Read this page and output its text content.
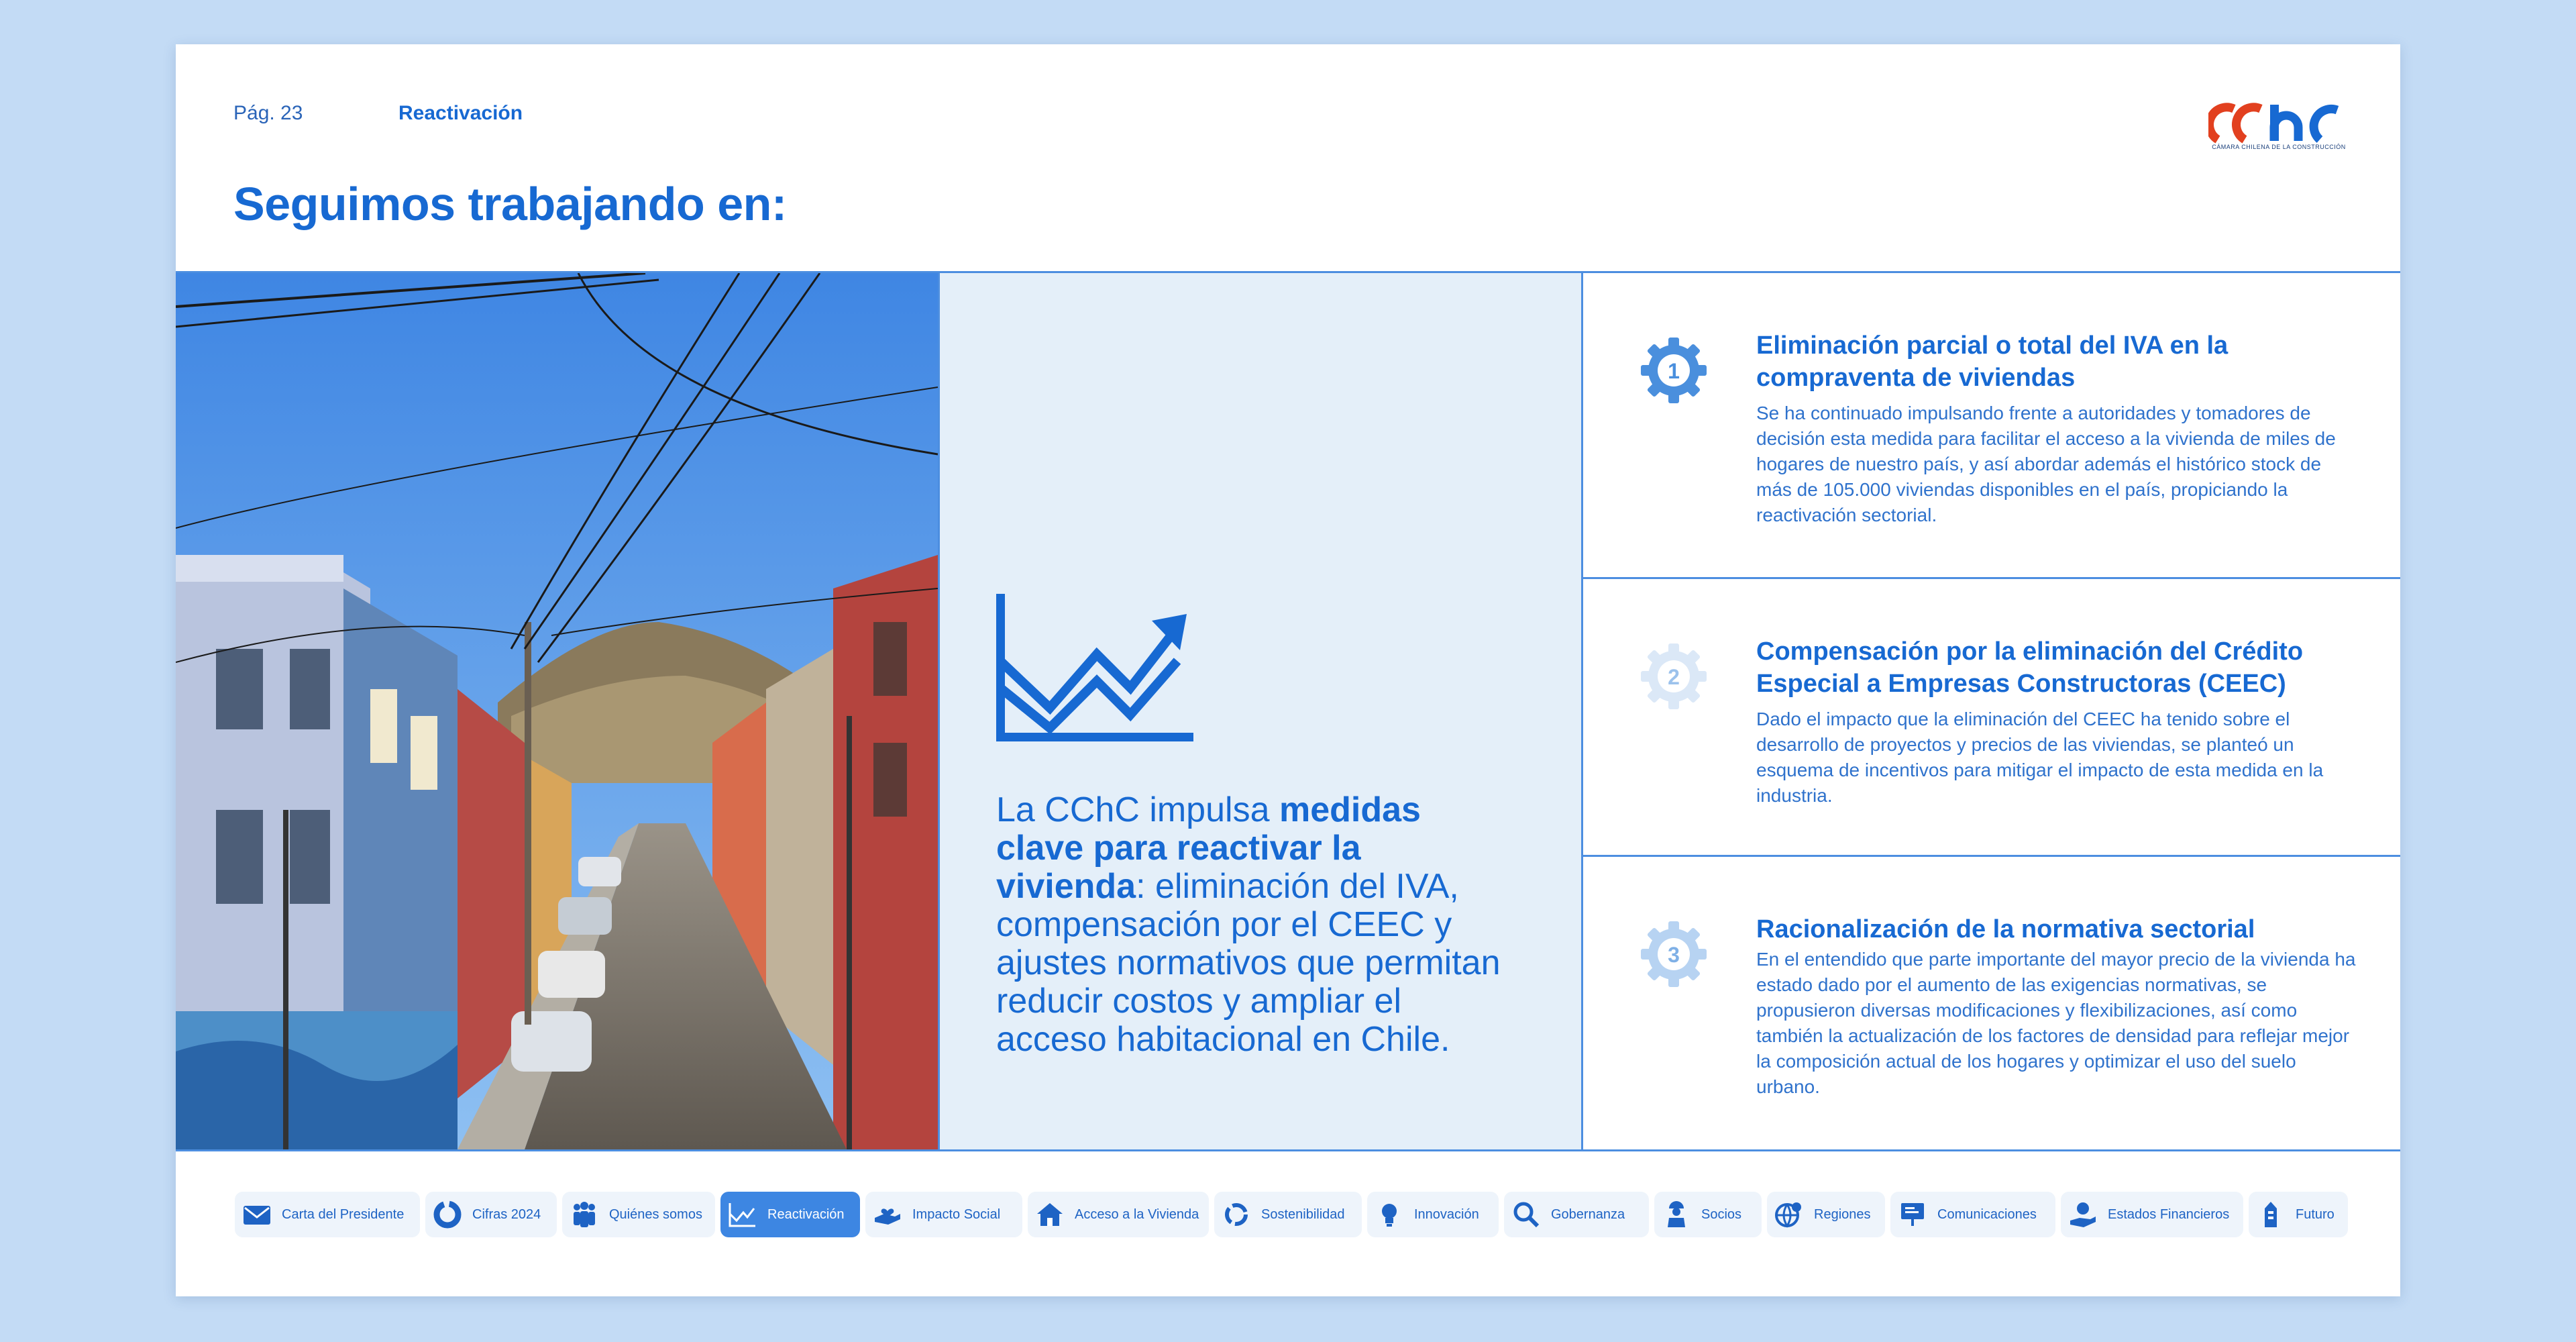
Pág. 23	Reactivación
Seguimos trabajando en:
CÁMARA CHILENA DE LA CONSTRUCCIÓN
La CChC impulsa medidas clave para reactivar la vivienda: eliminación del IVA, compensación por el CEEC y ajustes normativos que permitan reducir costos y ampliar el acceso habitacional en Chile.
1
Eliminación parcial o total del IVA en la compraventa de viviendas
Se ha continuado impulsando frente a autoridades y tomadores de decisión esta medida para facilitar el acceso a la vivienda de miles de hogares de nuestro país, y así abordar además el histórico stock de más de 105.000 viviendas disponibles en el país, propiciando la reactivación sectorial.
2
Compensación por la eliminación del Crédito Especial a Empresas Constructoras (CEEC)
Dado el impacto que la eliminación del CEEC ha tenido sobre el desarrollo de proyectos y precios de las viviendas, se planteó un esquema de incentivos para mitigar el impacto de esta medida en la industria.
3
Racionalización de la normativa sectorial
En el entendido que parte importante del mayor precio de la vivienda ha estado dado por el aumento de las exigencias normativas, se propusieron diversas modificaciones y flexibilizaciones, así como también la actualización de los factores de densidad para reflejar mejor la composición actual de los hogares y optimizar el uso del suelo urbano.
Carta del Presidente	Cifras 2024	Quiénes somos	Reactivación	Impacto Social	Acceso a la Vivienda	Sostenibilidad	Innovación	Gobernanza	Socios	Regiones	Comunicaciones	Estados Financieros	Futuro
